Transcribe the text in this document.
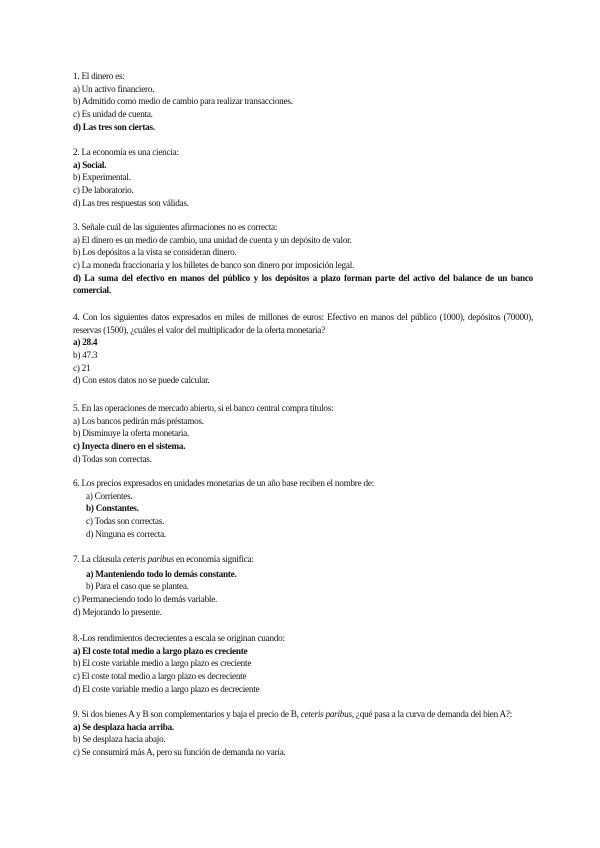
1. El dinero es:
a) Un activo financiero.
b) Admitido como medio de cambio para realizar transacciones.
c) Es unidad de cuenta.
d) Las tres son ciertas.
2. La economía es una ciencia:
a) Social.
b) Experimental.
c) De laboratorio.
d) Las tres respuestas son válidas.
3. Señale cuál de las siguientes afirmaciones no es correcta:
a) El dinero es un medio de cambio, una unidad de cuenta y un depósito de valor.
b) Los depósitos a la vista se consideran dinero.
c) La moneda fraccionaria y los billetes de banco son dinero por imposición legal.
d) La suma del efectivo en manos del público y los depósitos a plazo forman parte del activo del balance de un banco comercial.
4. Con los siguientes datos expresados en miles de millones de euros: Efectivo en manos del público (1000), depósitos (70000), reservas (1500), ¿cuáles el valor del multiplicador de la oferta monetaria?
a) 28.4
b) 47.3
c) 21
d) Con estos datos no se puede calcular.
5. En las operaciones de mercado abierto, si el banco central compra títulos:
a) Los bancos pedirán más préstamos.
b) Disminuye la oferta monetaria.
c) Inyecta dinero en el sistema.
d) Todas son correctas.
6. Los precios expresados en unidades monetarias de un año base reciben el nombre de:
a) Corrientes.
b) Constantes.
c) Todas son correctas.
d) Ninguna es correcta.
7. La cláusula ceteris paribus en economía significa:
a) Manteniendo todo lo demás constante.
b) Para el caso que se plantea.
c) Permaneciendo todo lo demás variable.
d) Mejorando lo presente.
8.-Los rendimientos decrecientes a escala se originan cuando:
a) El coste total medio a largo plazo es creciente
b) El coste variable medio a largo plazo es creciente
c) El coste total medio a largo plazo es decreciente
d) El coste variable medio a largo plazo es decreciente
9. Si dos bienes A y B son complementarios y baja el precio de B, ceteris paribus, ¿qué pasa a la curva de demanda del bien A?:
a) Se desplaza hacia arriba.
b) Se desplaza hacia abajo.
c) Se consumirá más A, pero su función de demanda no varía.
